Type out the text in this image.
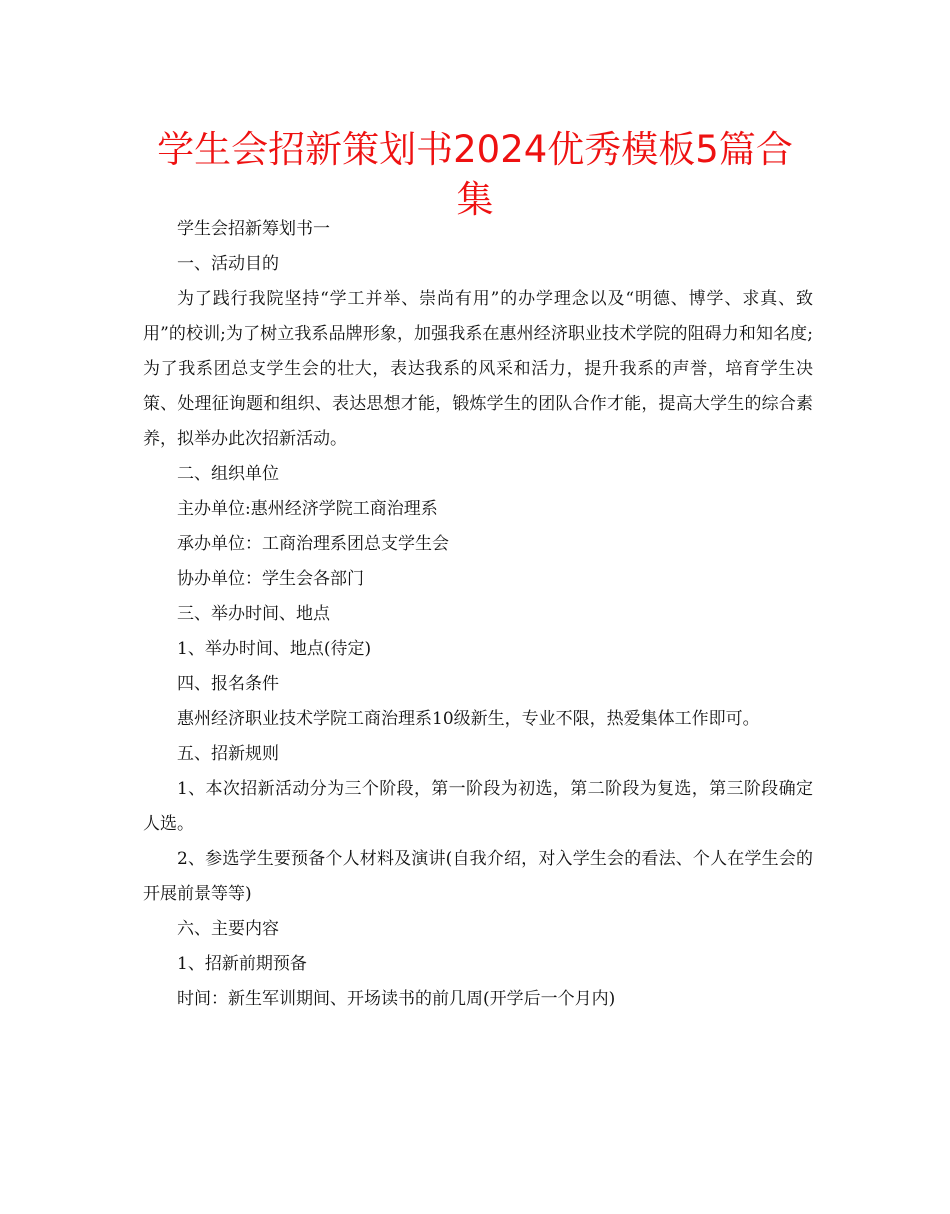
学生会招新策划书2024优秀模板5篇合集

学生会招新筹划书一

一、活动目的

为了践行我院坚持“学工并举、崇尚有用”的办学理念以及“明德、博学、求真、致用”的校训;为了树立我系品牌形象，加强我系在惠州经济职业技术学院的阻碍力和知名度;为了我系团总支学生会的壮大，表达我系的风采和活力，提升我系的声誉，培育学生决策、处理征询题和组织、表达思想才能，锻炼学生的团队合作才能，提高大学生的综合素养，拟举办此次招新活动。

二、组织单位

主办单位:惠州经济学院工商治理系

承办单位：工商治理系团总支学生会

协办单位：学生会各部门

三、举办时间、地点

1、举办时间、地点(待定)

四、报名条件

惠州经济职业技术学院工商治理系10级新生，专业不限，热爱集体工作即可。

五、招新规则

1、本次招新活动分为三个阶段，第一阶段为初选，第二阶段为复选，第三阶段确定人选。

2、参选学生要预备个人材料及演讲(自我介绍，对入学生会的看法、个人在学生会的开展前景等等)

六、主要内容

1、招新前期预备

时间：新生军训期间、开场读书的前几周(开学后一个月内)
